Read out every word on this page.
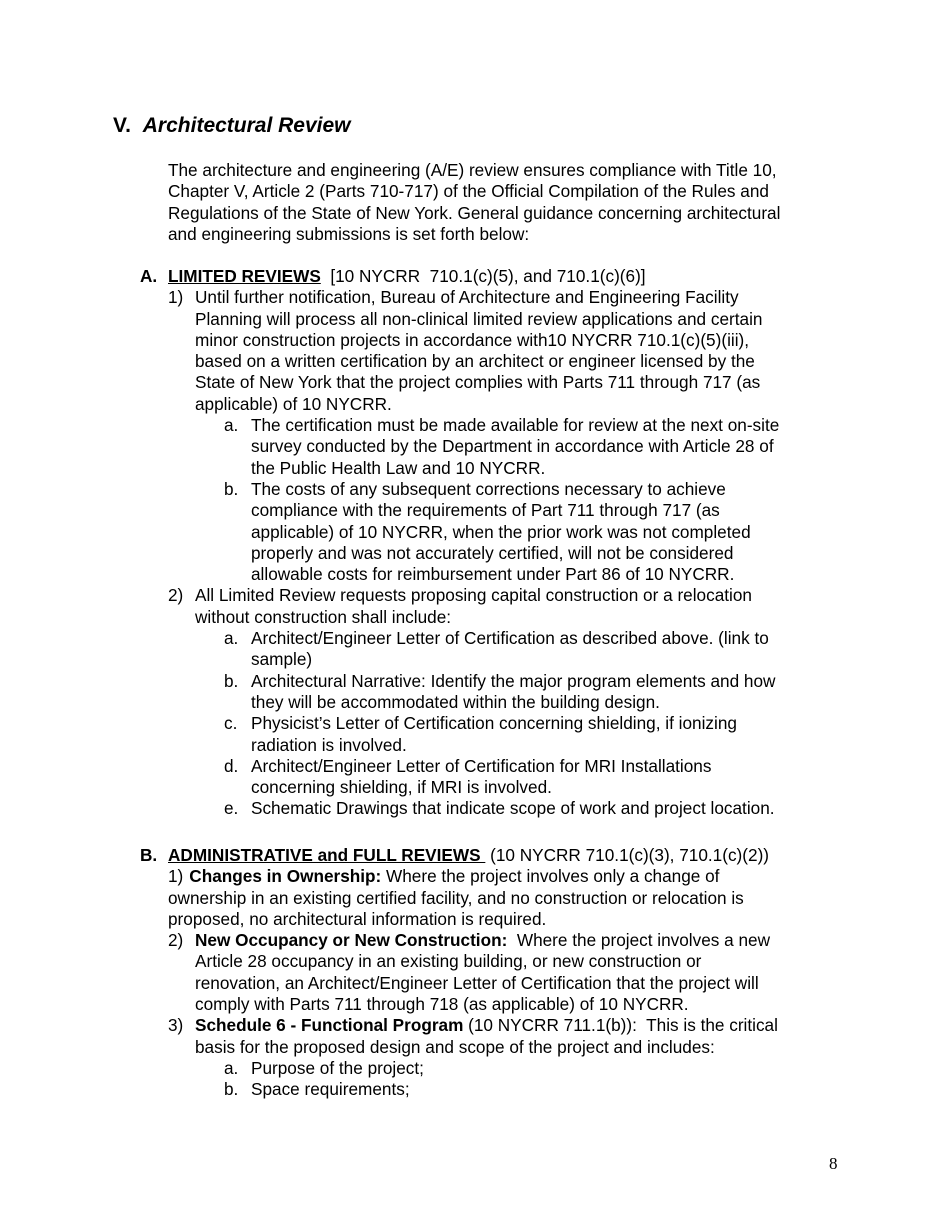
V. Architectural Review
The architecture and engineering (A/E) review ensures compliance with Title 10,
Chapter V, Article 2 (Parts 710-717) of the Official Compilation of the Rules and
Regulations of the State of New York. General guidance concerning architectural
and engineering submissions is set forth below:
A. LIMITED REVIEWS  [10 NYCRR  710.1(c)(5), and 710.1(c)(6)]
1) Until further notification, Bureau of Architecture and Engineering Facility
Planning will process all non-clinical limited review applications and certain
minor construction projects in accordance with10 NYCRR 710.1(c)(5)(iii),
based on a written certification by an architect or engineer licensed by the
State of New York that the project complies with Parts 711 through 717 (as
applicable) of 10 NYCRR.
a. The certification must be made available for review at the next on-site
survey conducted by the Department in accordance with Article 28 of
the Public Health Law and 10 NYCRR.
b. The costs of any subsequent corrections necessary to achieve
compliance with the requirements of Part 711 through 717 (as
applicable) of 10 NYCRR, when the prior work was not completed
properly and was not accurately certified, will not be considered
allowable costs for reimbursement under Part 86 of 10 NYCRR.
2) All Limited Review requests proposing capital construction or a relocation
without construction shall include:
a. Architect/Engineer Letter of Certification as described above. (link to
sample)
b. Architectural Narrative: Identify the major program elements and how
they will be accommodated within the building design.
c. Physicist’s Letter of Certification concerning shielding, if ionizing
radiation is involved.
d. Architect/Engineer Letter of Certification for MRI Installations
concerning shielding, if MRI is involved.
e. Schematic Drawings that indicate scope of work and project location.
B. ADMINISTRATIVE and FULL REVIEWS  (10 NYCRR 710.1(c)(3), 710.1(c)(2))
1) Changes in Ownership: Where the project involves only a change of
ownership in an existing certified facility, and no construction or relocation is
proposed, no architectural information is required.
2) New Occupancy or New Construction:  Where the project involves a new
Article 28 occupancy in an existing building, or new construction or
renovation, an Architect/Engineer Letter of Certification that the project will
comply with Parts 711 through 718 (as applicable) of 10 NYCRR.
3) Schedule 6 - Functional Program (10 NYCRR 711.1(b)):  This is the critical
basis for the proposed design and scope of the project and includes:
a. Purpose of the project;
b. Space requirements;
8
